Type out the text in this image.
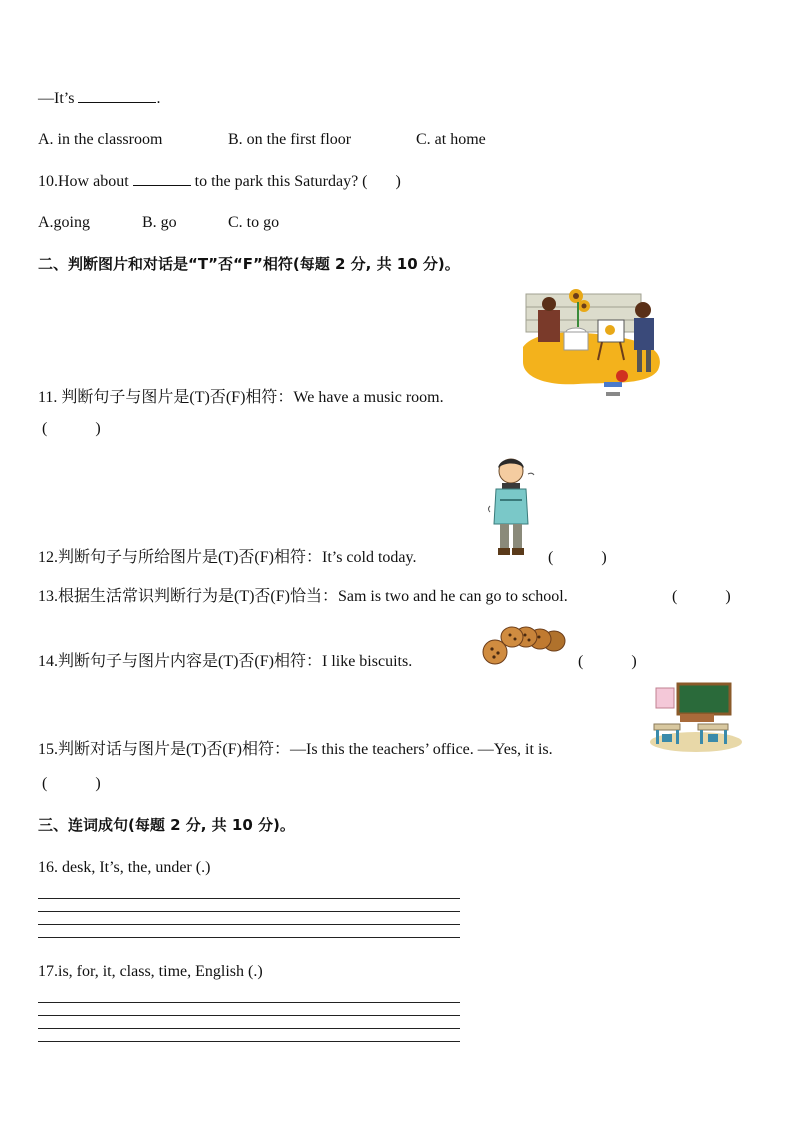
—It’s	.
A. in the classroom	B. on the first floor	C. at home
10.How about	to the park this Saturday? ( )
A.going	B. go	C. to go
二、判断图片和对话是“T”否“F”相符(每题 2 分, 共 10 分)。
11. 判断句子与图片是(T)否(F)相符：We have a music room.
(　　　)
12.判断句子与所给图片是(T)否(F)相符：It’s cold today.	(　　　)
13.根据生活常识判断行为是(T)否(F)恰当：Sam is two and he can go to school.	(　　　)
14.判断句子与图片内容是(T)否(F)相符：I like biscuits.	(　　　)
15.判断对话与图片是(T)否(F)相符：—Is this the teachers’ office. —Yes, it is.
(　　　)
三、连词成句(每题 2 分, 共 10 分)。
16. desk, It’s, the, under (.)
17.is, for, it, class, time, English (.)
